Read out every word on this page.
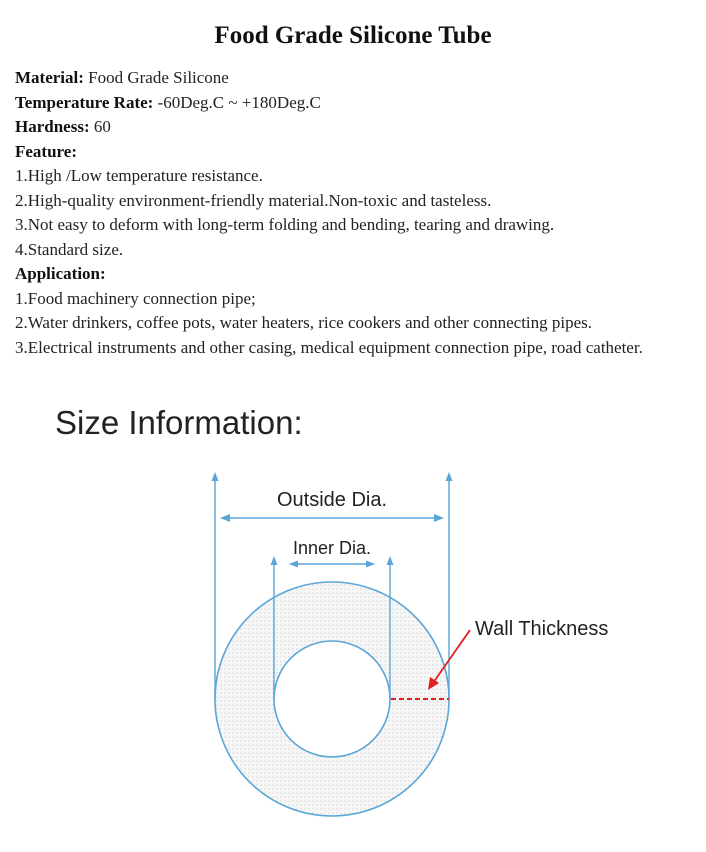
Food Grade Silicone Tube
Material: Food Grade Silicone
Temperature Rate: -60Deg.C ~ +180Deg.C
Hardness: 60
Feature:
1.High /Low temperature resistance.
2.High-quality environment-friendly material.Non-toxic and tasteless.
3.Not easy to deform with long-term folding and bending, tearing and drawing.
4.Standard size.
Application:
1.Food machinery connection pipe;
2.Water drinkers, coffee pots, water heaters, rice cookers and other connecting pipes.
3.Electrical instruments and other casing, medical equipment connection pipe, road catheter.
Size Information:
Outside Dia.
Inner Dia.
Wall Thickness
